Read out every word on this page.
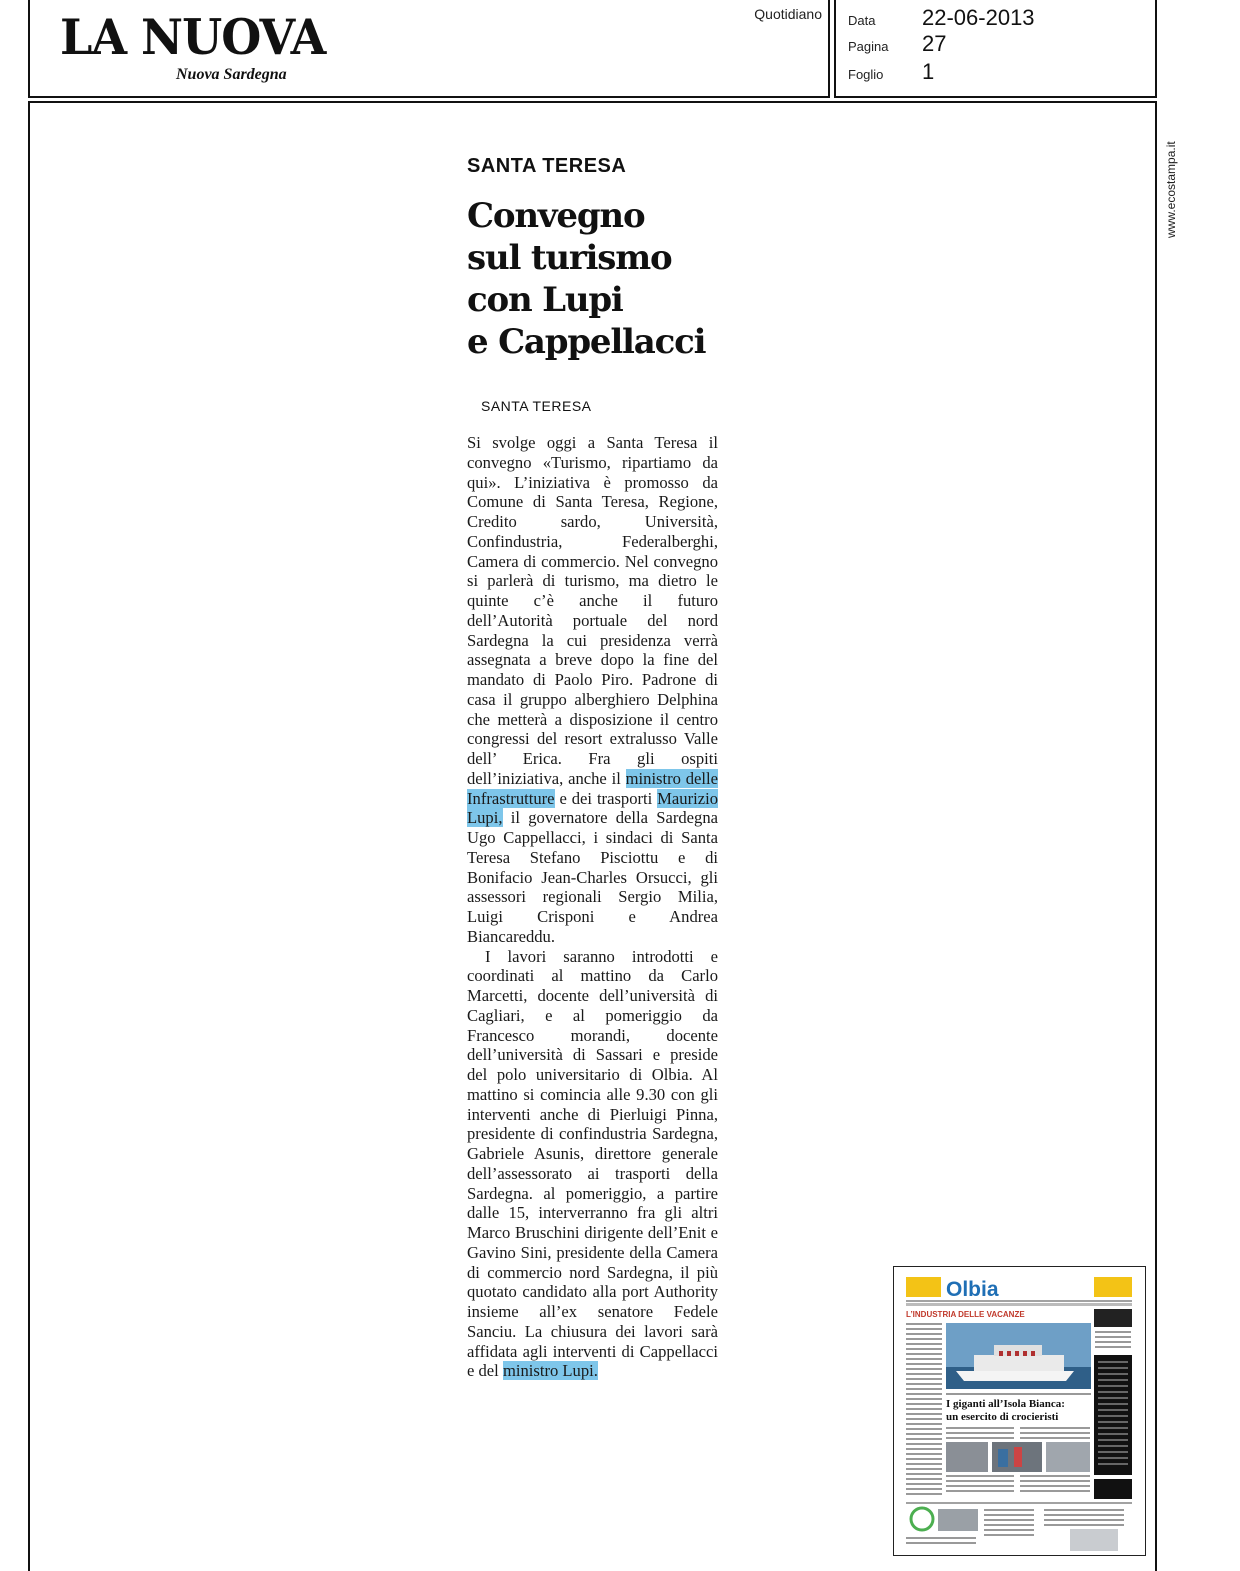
LA NUOVA
Nuova Sardegna
Quotidiano Data	22-06-2013
Pagina	27
Foglio	1
SANTA TERESA
Convegno
sul turismo
con Lupi
e Cappellacci
SANTA TERESA

Si svolge oggi a Santa Teresa il convegno «Turismo, ripartiamo da qui». L’iniziativa è promosso da Comune di Santa Teresa, Regione, Credito sardo, Università, Confindustria, Federalberghi, Camera di commercio. Nel convegno si parlerà di turismo, ma dietro le quinte c’è anche il futuro dell’Autorità portuale del nord Sardegna la cui presidenza verrà assegnata a breve dopo la fine del mandato di Paolo Piro. Padrone di casa il gruppo alberghiero Delphina che metterà a disposizione il centro congressi del resort extralusso Valle dell’ Erica. Fra gli ospiti dell’iniziativa, anche il ministro delle Infrastrutture e dei trasporti Maurizio Lupi, il governatore della Sardegna Ugo Cappellacci, i sindaci di Santa Teresa Stefano Pisciottu e di Bonifacio Jean-Charles Orsucci, gli assessori regionali Sergio Milia, Luigi Crisponi e Andrea Biancareddu.

I lavori saranno introdotti e coordinati al mattino da Carlo Marcetti, docente dell’università di Cagliari, e al pomeriggio da Francesco morandi, docente dell’università di Sassari e preside del polo universitario di Olbia. Al mattino si comincia alle 9.30 con gli interventi anche di Pierluigi Pinna, presidente di confindustria Sardegna, Gabriele Asunis, direttore generale dell’assessorato ai trasporti della Sardegna. al pomeriggio, a partire dalle 15, interverranno fra gli altri Marco Bruschini dirigente dell’Enit e Gavino Sini, presidente della Camera di commercio nord Sardegna, il più quotato candidato alla port Authority insieme all’ex senatore Fedele Sanciu. La chiusura dei lavori sarà affidata agli interventi di Cappellacci e del ministro Lupi.

www.ecostampa.it
Olbia
L’INDUSTRIA DELLE VACANZE
I giganti all’Isola Bianca:
un esercito di crocieristi
